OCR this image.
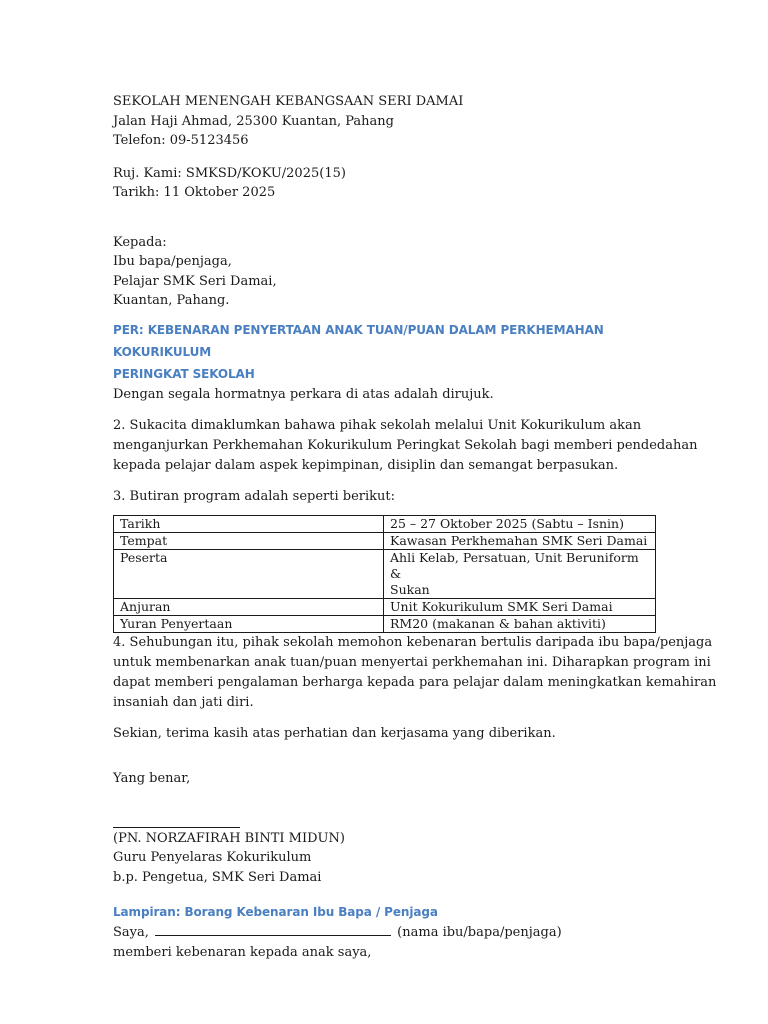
SEKOLAH MENENGAH KEBANGSAAN SERI DAMAI
Jalan Haji Ahmad, 25300 Kuantan, Pahang
Telefon: 09-5123456
Ruj. Kami: SMKSD/KOKU/2025(15)
Tarikh: 11 Oktober 2025
Kepada:
Ibu bapa/penjaga,
Pelajar SMK Seri Damai,
Kuantan, Pahang.
PER: KEBENARAN PENYERTAAN ANAK TUAN/PUAN DALAM PERKHEMAHAN KOKURIKULUM
PERINGKAT SEKOLAH
Dengan segala hormatnya perkara di atas adalah dirujuk.
2. Sukacita dimaklumkan bahawa pihak sekolah melalui Unit Kokurikulum akan
menganjurkan Perkhemahan Kokurikulum Peringkat Sekolah bagi memberi pendedahan
kepada pelajar dalam aspek kepimpinan, disiplin dan semangat berpasukan.
3. Butiran program adalah seperti berikut:
Tarikh	25 – 27 Oktober 2025 (Sabtu – Isnin)
Tempat	Kawasan Perkhemahan SMK Seri Damai
Peserta	Ahli Kelab, Persatuan, Unit Beruniform &
Sukan

Anjuran	Unit Kokurikulum SMK Seri Damai
Yuran Penyertaan	RM20 (makanan & bahan aktiviti)
4. Sehubungan itu, pihak sekolah memohon kebenaran bertulis daripada ibu bapa/penjaga
untuk membenarkan anak tuan/puan menyertai perkhemahan ini. Diharapkan program ini
dapat memberi pengalaman berharga kepada para pelajar dalam meningkatkan kemahiran
insaniah dan jati diri.
Sekian, terima kasih atas perhatian dan kerjasama yang diberikan.
Yang benar,
(PN. NORZAFIRAH BINTI MIDUN)
Guru Penyelaras Kokurikulum
b.p. Pengetua, SMK Seri Damai
Lampiran: Borang Kebenaran Ibu Bapa / Penjaga
Saya,	(nama ibu/bapa/penjaga)
memberi kebenaran kepada anak saya,
